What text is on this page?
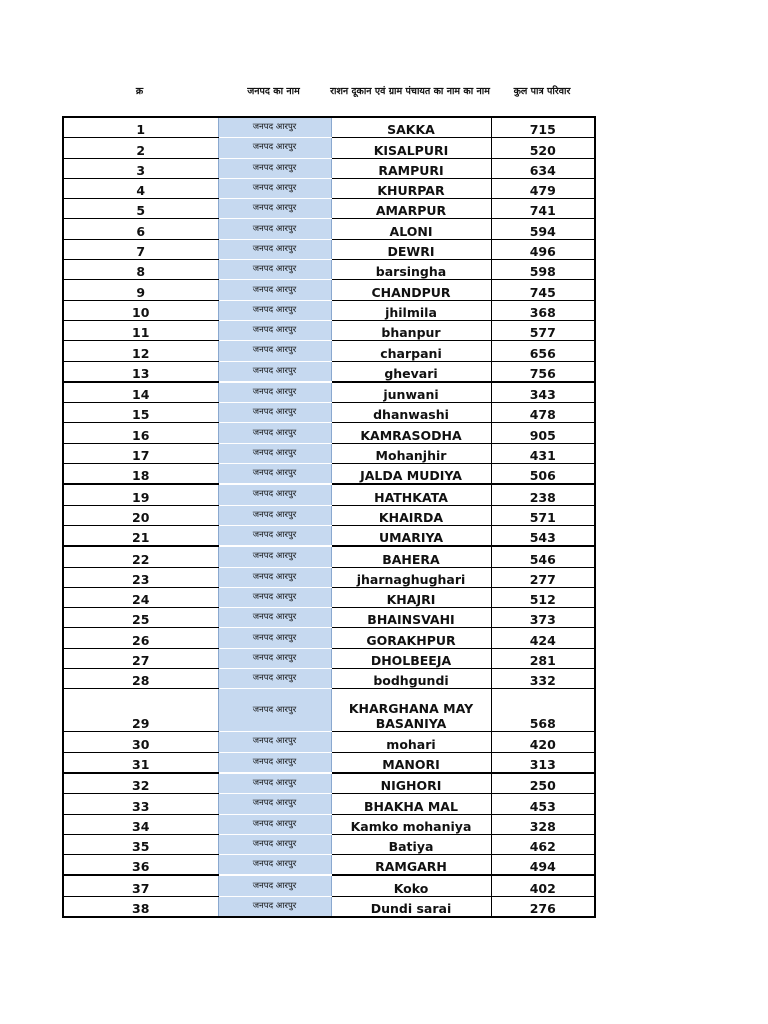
क्र	जनपद का नाम	राशन दूकान एवं ग्राम पंचायत का नाम का नाम	कुल पात्र परिवार
1	जनपद आरपुर	SAKKA	715
2	जनपद आरपुर	KISALPURI	520
3	जनपद आरपुर	RAMPURI	634
4	जनपद आरपुर	KHURPAR	479
5	जनपद आरपुर	AMARPUR	741
6	जनपद आरपुर	ALONI	594
7	जनपद आरपुर	DEWRI	496
8	जनपद आरपुर	barsingha	598
9	जनपद आरपुर	CHANDPUR	745
10	जनपद आरपुर	jhilmila	368
11	जनपद आरपुर	bhanpur	577
12	जनपद आरपुर	charpani	656
13	जनपद आरपुर	ghevari	756
14	जनपद आरपुर	junwani	343
15	जनपद आरपुर	dhanwashi	478
16	जनपद आरपुर	KAMRASODHA	905
17	जनपद आरपुर	Mohanjhir	431
18	जनपद आरपुर	JALDA MUDIYA	506
19	जनपद आरपुर	HATHKATA	238
20	जनपद आरपुर	KHAIRDA	571
21	जनपद आरपुर	UMARIYA	543
22	जनपद आरपुर	BAHERA	546
23	जनपद आरपुर	jharnaghughari	277
24	जनपद आरपुर	KHAJRI	512
25	जनपद आरपुर	BHAINSVAHI	373
26	जनपद आरपुर	GORAKHPUR	424
27	जनपद आरपुर	DHOLBEEJA	281
28	जनपद आरपुर	bodhgundi	332
29	जनपद आरपुर	KHARGHANA MAY BASANIYA	568
30	जनपद आरपुर	mohari	420
31	जनपद आरपुर	MANORI	313
32	जनपद आरपुर	NIGHORI	250
33	जनपद आरपुर	BHAKHA MAL	453
34	जनपद आरपुर	Kamko mohaniya	328
35	जनपद आरपुर	Batiya	462
36	जनपद आरपुर	RAMGARH	494
37	जनपद आरपुर	Koko	402
38	जनपद आरपुर	Dundi sarai	276
